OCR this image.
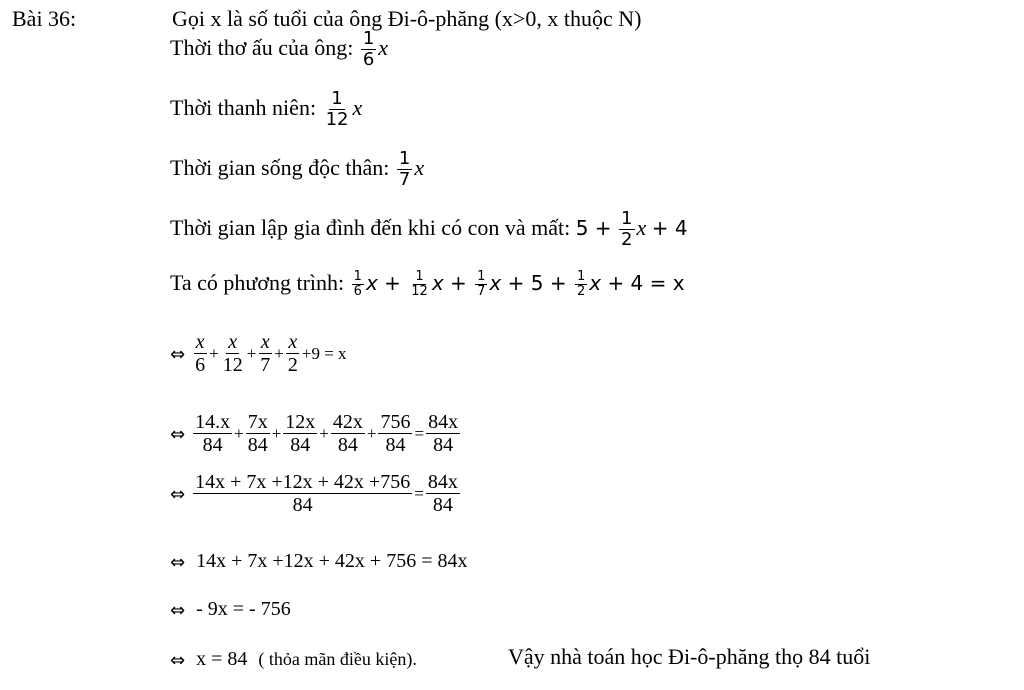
Bài 36:	Gọi x là số tuổi của ông Đi-ô-phăng (x>0, x thuộc N)
Thời thơ ấu của ông: $\frac{1}{6}$ x
Thời thanh niên: $\frac{1}{12}$ x
Thời gian sống độc thân: $\frac{1}{7}$ x
Thời gian lập gia đình đến khi có con và mất: $5 + \frac{1}{2}$ x + 4
Ta có phương trình: $\frac{1}{6}$ $x + \frac{1}{12}$ $x + \frac{1}{7}$ $x + 5 + \frac{1}{2}$ x + 4 = x
⇔ $\frac{x}{6} + \frac{x}{12} + \frac{x}{7} + \frac{x}{2} +9 = x$
⇔ $\frac{14.x}{84} + \frac{7x}{84} + \frac{12x}{84} + \frac{42x}{84} + \frac{756}{84} = \frac{84x}{84}$
⇔ $\frac{14x + 7x +12x + 42x +756}{84} = \frac{84x}{84}$
⇔ 14x + 7x +12x + 42x + 756 = 84x
⇔ - 9x = - 756
⇔ x = 84 ( thỏa mãn điều kiện).	Vậy nhà toán học Đi-ô-phăng thọ 84 tuổi
